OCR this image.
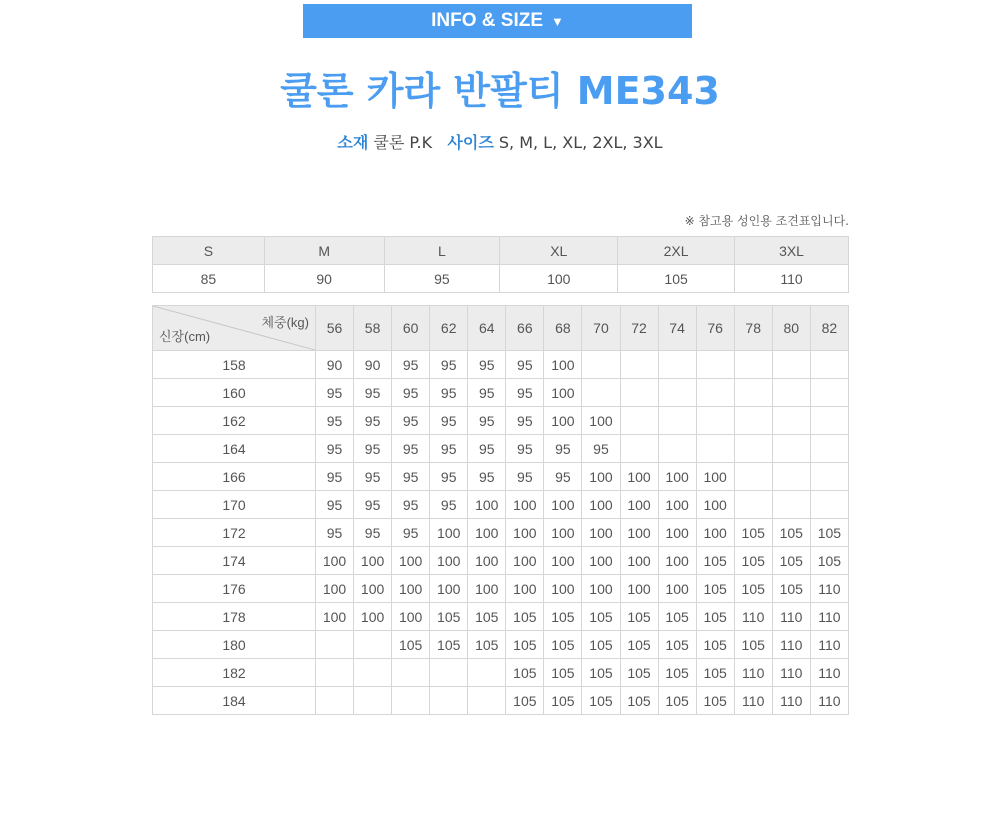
INFO & SIZE ▼
쿨론 카라 반팔티 ME343
소재 쿨론 P.K 사이즈 S, M, L, XL, 2XL, 3XL
※ 참고용 성인용 조견표입니다.
S	M	L	XL	2XL	3XL
85	90	95	100	105	110
체중(kg)
신장(cm)	56	58	60	62	64	66	68	70	72	74	76	78	80	82
158	90	90	95	95	95	95	100							
160	95	95	95	95	95	95	100							
162	95	95	95	95	95	95	100	100						
164	95	95	95	95	95	95	95	95						
166	95	95	95	95	95	95	95	100	100	100	100			
170	95	95	95	95	100	100	100	100	100	100	100			
172	95	95	95	100	100	100	100	100	100	100	100	105	105	105
174	100	100	100	100	100	100	100	100	100	100	105	105	105	105
176	100	100	100	100	100	100	100	100	100	100	105	105	105	110
178	100	100	100	105	105	105	105	105	105	105	105	110	110	110
180			105	105	105	105	105	105	105	105	105	105	110	110
182						105	105	105	105	105	105	110	110	110
184						105	105	105	105	105	105	110	110	110
